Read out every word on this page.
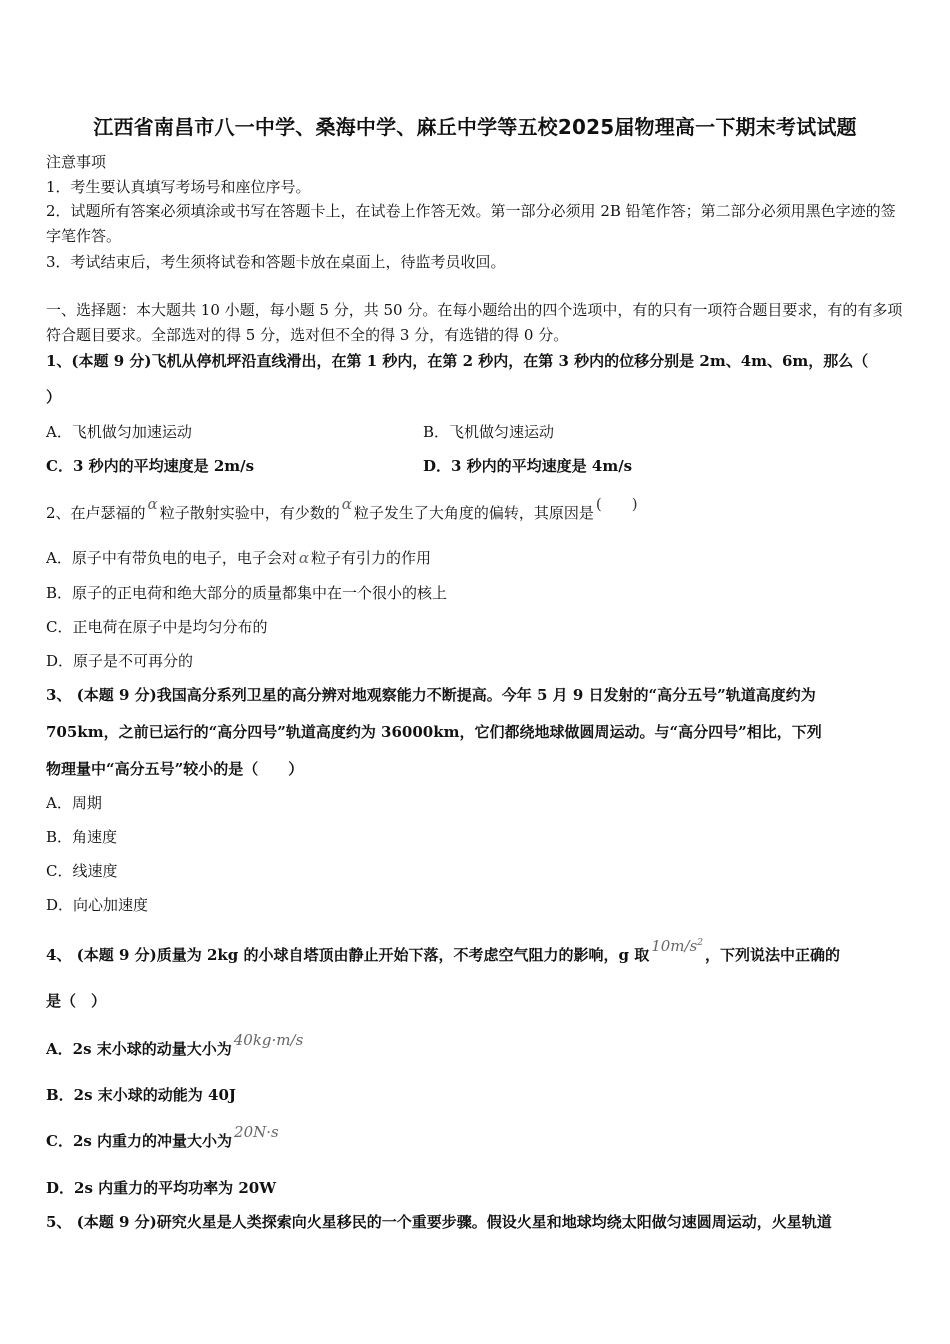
江西省南昌市八一中学、桑海中学、麻丘中学等五校2025届物理高一下期末考试试题
注意事项
1．考生要认真填写考场号和座位序号。
2．试题所有答案必须填涂或书写在答题卡上，在试卷上作答无效。第一部分必须用 2B 铅笔作答；第二部分必须用黑色字迹的签字笔作答。
3．考试结束后，考生须将试卷和答题卡放在桌面上，待监考员收回。
一、选择题：本大题共 10 小题，每小题 5 分，共 50 分。在每小题给出的四个选项中，有的只有一项符合题目要求，有的有多项符合题目要求。全部选对的得 5 分，选对但不全的得 3 分，有选错的得 0 分。
1、(本题 9 分)飞机从停机坪沿直线滑出，在第 1 秒内，在第 2 秒内，在第 3 秒内的位移分别是 2m、4m、6m，那么（
）
A．飞机做匀加速运动	B．飞机做匀速运动
C．3 秒内的平均速度是 2m/s	D．3 秒内的平均速度是 4m/s
2、在卢瑟福的 α 粒子散射实验中，有少数的 α 粒子发生了大角度的偏转，其原因是 (　　)
A．原子中有带负电的电子，电子会对 α 粒子有引力的作用
B．原子的正电荷和绝大部分的质量都集中在一个很小的核上
C．正电荷在原子中是均匀分布的
D．原子是不可再分的
3、 (本题 9 分)我国高分系列卫星的高分辨对地观察能力不断提高。今年 5 月 9 日发射的“高分五号”轨道高度约为
705km，之前已运行的“高分四号”轨道高度约为 36000km，它们都绕地球做圆周运动。与“高分四号”相比，下列
物理量中“高分五号”较小的是（　　）
A．周期
B．角速度
C．线速度
D．向心加速度
4、 (本题 9 分)质量为 2kg 的小球自塔顶由静止开始下落，不考虑空气阻力的影响，g 取 $10m/s^2$，下列说法中正确的
是（　）
A．2s 末小球的动量大小为 40kg·m/s
B．2s 末小球的动能为 40J
C．2s 内重力的冲量大小为 20N·s
D．2s 内重力的平均功率为 20W
5、 (本题 9 分)研究火星是人类探索向火星移民的一个重要步骤。假设火星和地球均绕太阳做匀速圆周运动，火星轨道
